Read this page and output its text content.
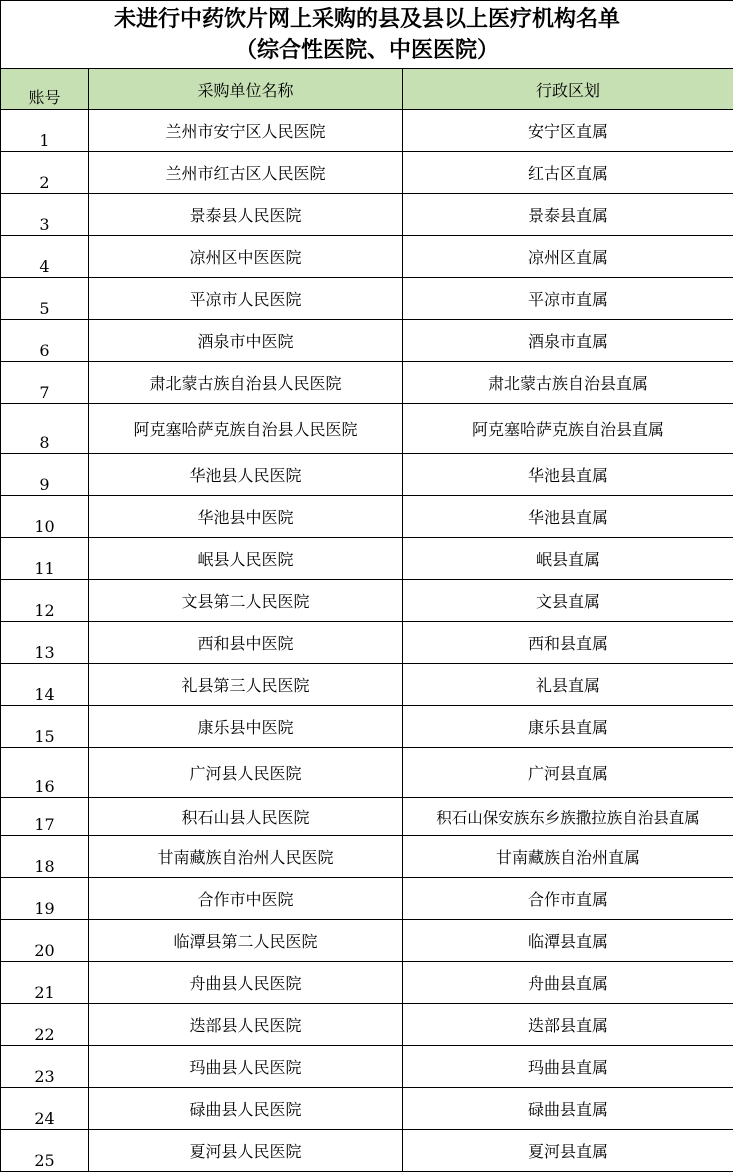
未进行中药饮片网上采购的县及县以上医疗机构名单
（综合性医院、中医医院）		

账号	采购单位名称	行政区划
1	兰州市安宁区人民医院	安宁区直属
2	兰州市红古区人民医院	红古区直属
3	景泰县人民医院	景泰县直属
4	凉州区中医医院	凉州区直属
5	平凉市人民医院	平凉市直属
6	酒泉市中医院	酒泉市直属
7	肃北蒙古族自治县人民医院	肃北蒙古族自治县直属
8	阿克塞哈萨克族自治县人民医院	阿克塞哈萨克族自治县直属
9	华池县人民医院	华池县直属
10	华池县中医院	华池县直属
11	岷县人民医院	岷县直属
12	文县第二人民医院	文县直属
13	西和县中医院	西和县直属
14	礼县第三人民医院	礼县直属
15	康乐县中医院	康乐县直属
16	广河县人民医院	广河县直属
17	积石山县人民医院	积石山保安族东乡族撒拉族自治县直属
18	甘南藏族自治州人民医院	甘南藏族自治州直属
19	合作市中医院	合作市直属
20	临潭县第二人民医院	临潭县直属
21	舟曲县人民医院	舟曲县直属
22	迭部县人民医院	迭部县直属
23	玛曲县人民医院	玛曲县直属
24	碌曲县人民医院	碌曲县直属
25	夏河县人民医院	夏河县直属
